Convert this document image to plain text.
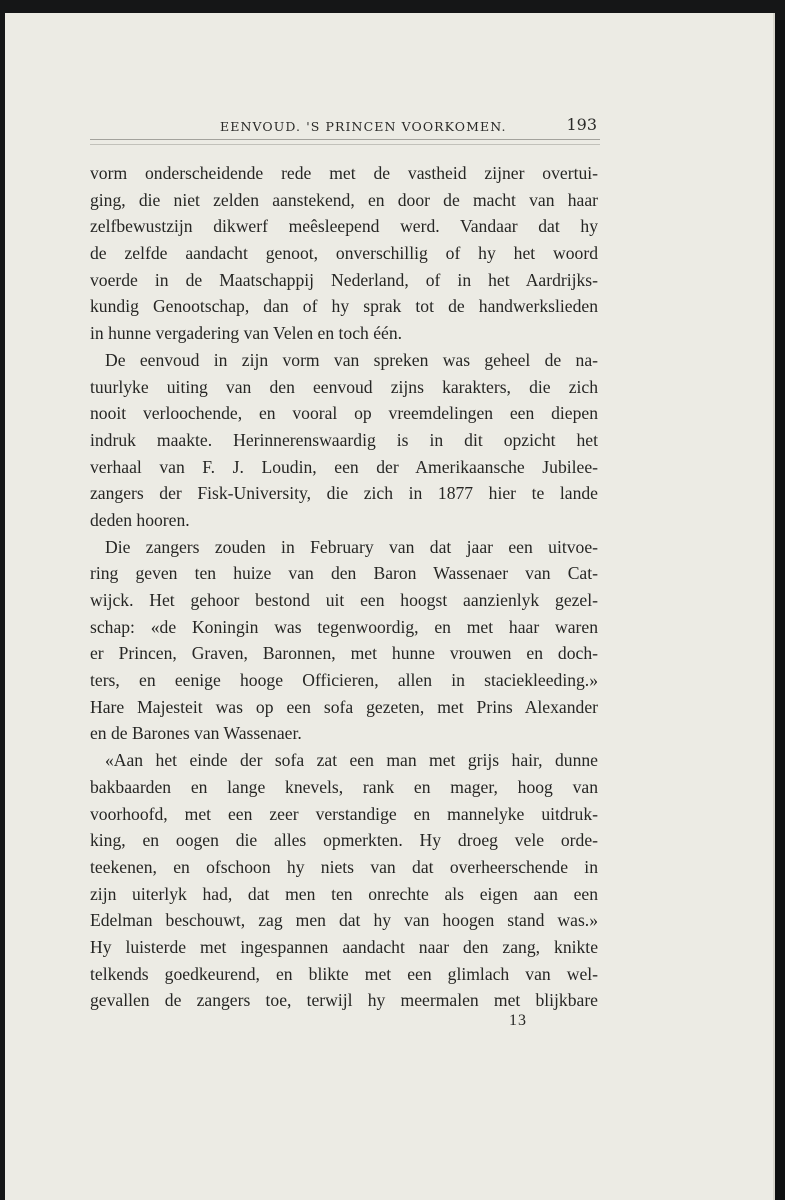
EENVOUD. 'S PRINCEN VOORKOMEN.	193
vorm onderscheidende rede met de vastheid zijner overtui-
ging, die niet zelden aanstekend, en door de macht van haar
zelfbewustzijn dikwerf meêsleepend werd. Vandaar dat hy
de zelfde aandacht genoot, onverschillig of hy het woord
voerde in de Maatschappij Nederland, of in het Aardrijks-
kundig Genootschap, dan of hy sprak tot de handwerkslieden
in hunne vergadering van Velen en toch één.
De eenvoud in zijn vorm van spreken was geheel de na-
tuurlyke uiting van den eenvoud zijns karakters, die zich
nooit verloochende, en vooral op vreemdelingen een diepen
indruk maakte. Herinnerenswaardig is in dit opzicht het
verhaal van F. J. Loudin, een der Amerikaansche Jubilee-
zangers der Fisk-University, die zich in 1877 hier te lande
deden hooren.
Die zangers zouden in February van dat jaar een uitvoe-
ring geven ten huize van den Baron Wassenaer van Cat-
wijck. Het gehoor bestond uit een hoogst aanzienlyk gezel-
schap: «de Koningin was tegenwoordig, en met haar waren
er Princen, Graven, Baronnen, met hunne vrouwen en doch-
ters, en eenige hooge Officieren, allen in staciekleeding.»
Hare Majesteit was op een sofa gezeten, met Prins Alexander
en de Barones van Wassenaer.
«Aan het einde der sofa zat een man met grijs hair, dunne
bakbaarden en lange knevels, rank en mager, hoog van
voorhoofd, met een zeer verstandige en mannelyke uitdruk-
king, en oogen die alles opmerkten. Hy droeg vele orde-
teekenen, en ofschoon hy niets van dat overheerschende in
zijn uiterlyk had, dat men ten onrechte als eigen aan een
Edelman beschouwt, zag men dat hy van hoogen stand was.»
Hy luisterde met ingespannen aandacht naar den zang, knikte
telkends goedkeurend, en blikte met een glimlach van wel-
gevallen de zangers toe, terwijl hy meermalen met blijkbare
13
